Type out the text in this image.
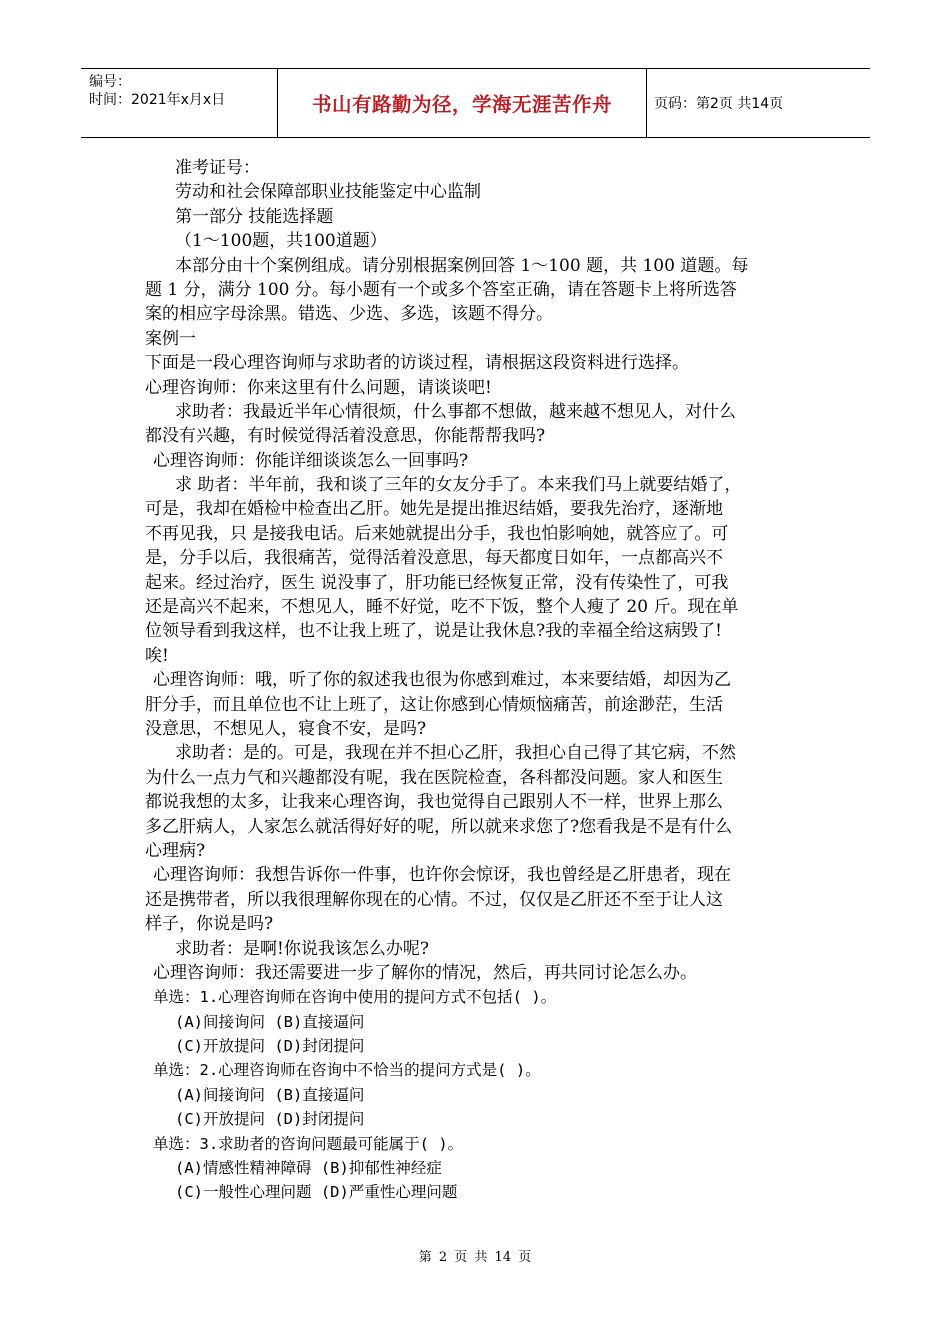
编号：
时间：2021年x月x日	书山有路勤为径，学海无涯苦作舟	页码：第2页 共14页
准考证号：
劳动和社会保障部职业技能鉴定中心监制
第一部分 技能选择题
（1～100题，共100道题）
本部分由十个案例组成。请分别根据案例回答 1～100 题，共 100 道题。每
题 1 分，满分 100 分。每小题有一个或多个答室正确，请在答题卡上将所选答
案的相应字母涂黑。错选、少选、多选，该题不得分。
案例一
下面是一段心理咨询师与求助者的访谈过程，请根据这段资料进行选择。
心理咨询师：你来这里有什么问题，请谈谈吧!
求助者：我最近半年心情很烦，什么事都不想做，越来越不想见人，对什么
都没有兴趣，有时候觉得活着没意思，你能帮帮我吗?
心理咨询师：你能详细谈谈怎么一回事吗?
求 助者：半年前，我和谈了三年的女友分手了。本来我们马上就要结婚了，
可是，我却在婚检中检查出乙肝。她先是提出推迟结婚，要我先治疗，逐渐地
不再见我，只 是接我电话。后来她就提出分手，我也怕影响她，就答应了。可
是，分手以后，我很痛苦，觉得活着没意思，每天都度日如年，一点都高兴不
起来。经过治疗，医生 说没事了，肝功能已经恢复正常，没有传染性了，可我
还是高兴不起来，不想见人，睡不好觉，吃不下饭，整个人瘦了 20 斤。现在单
位领导看到我这样，也不让我上班了，说是让我休息?我的幸福全给这病毁了!
唉!
心理咨询师：哦，听了你的叙述我也很为你感到难过，本来要结婚，却因为乙
肝分手，而且单位也不让上班了，这让你感到心情烦恼痛苦，前途渺茫，生活
没意思，不想见人，寝食不安，是吗?
求助者：是的。可是，我现在并不担心乙肝，我担心自己得了其它病，不然
为什么一点力气和兴趣都没有呢，我在医院检查，各科都没问题。家人和医生
都说我想的太多，让我来心理咨询，我也觉得自己跟别人不一样，世界上那么
多乙肝病人，人家怎么就活得好好的呢，所以就来求您了?您看我是不是有什么
心理病?
心理咨询师：我想告诉你一件事，也许你会惊讶，我也曾经是乙肝患者，现在
还是携带者，所以我很理解你现在的心情。不过，仅仅是乙肝还不至于让人这
样子，你说是吗?
求助者：是啊!你说我该怎么办呢?
心理咨询师：我还需要进一步了解你的情况，然后，再共同讨论怎么办。
单选：1.心理咨询师在咨询中使用的提问方式不包括( )。
(A)间接询问 (B)直接逼问
(C)开放提问 (D)封闭提问
单选：2.心理咨询师在咨询中不恰当的提问方式是( )。
(A)间接询问 (B)直接逼问
(C)开放提问 (D)封闭提问
单选：3.求助者的咨询问题最可能属于( )。
(A)情感性精神障碍 (B)抑郁性神经症
(C)一般性心理问题 (D)严重性心理问题
第 2 页 共 14 页
